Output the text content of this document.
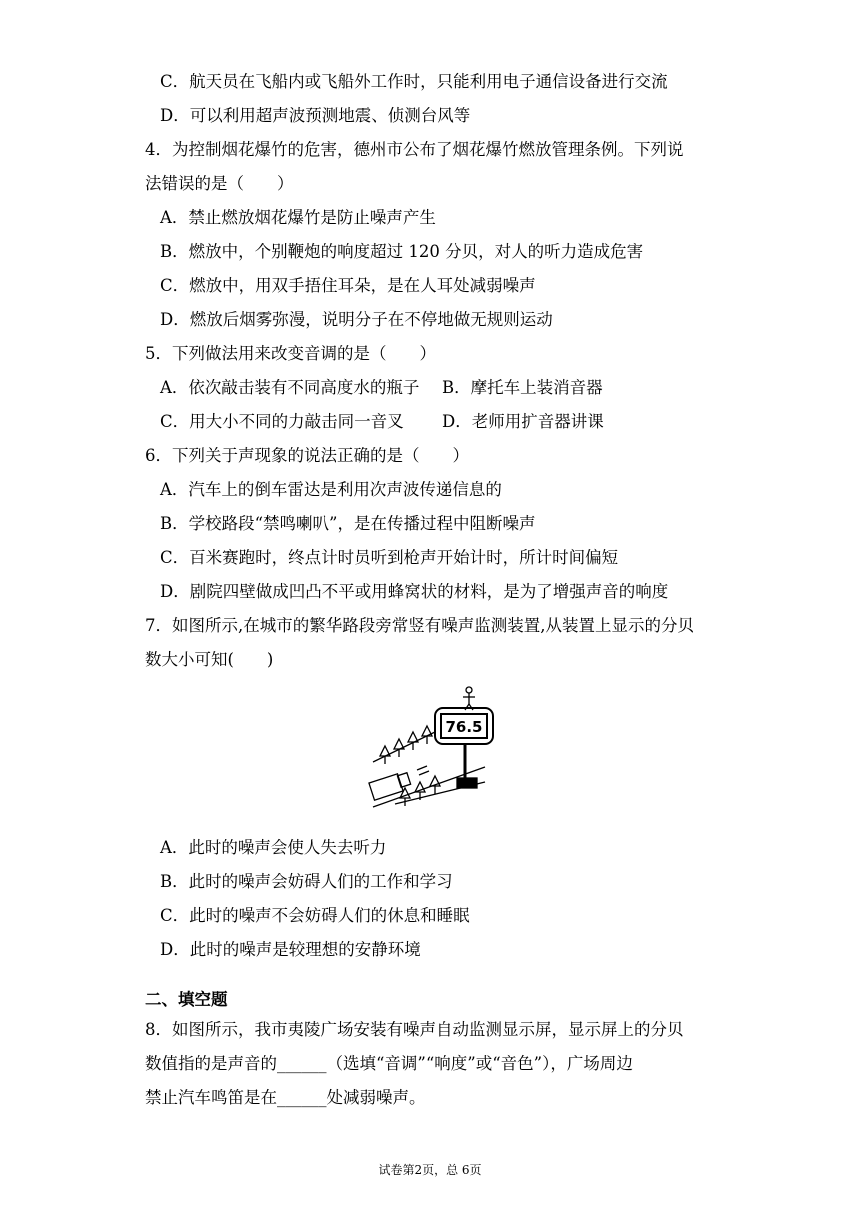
C．航天员在飞船内或飞船外工作时，只能利用电子通信设备进行交流
D．可以利用超声波预测地震、侦测台风等
4．为控制烟花爆竹的危害，德州市公布了烟花爆竹燃放管理条例。下列说
法错误的是（　　）
A．禁止燃放烟花爆竹是防止噪声产生
B．燃放中，个别鞭炮的响度超过 120 分贝，对人的听力造成危害
C．燃放中，用双手捂住耳朵，是在人耳处减弱噪声
D．燃放后烟雾弥漫，说明分子在不停地做无规则运动
5．下列做法用来改变音调的是（　　）
A．依次敲击装有不同高度水的瓶子	B．摩托车上装消音器
C．用大小不同的力敲击同一音叉	D．老师用扩音器讲课
6．下列关于声现象的说法正确的是（　　）
A．汽车上的倒车雷达是利用次声波传递信息的
B．学校路段“禁鸣喇叭”，是在传播过程中阻断噪声
C．百米赛跑时，终点计时员听到枪声开始计时，所计时间偏短
D．剧院四壁做成凹凸不平或用蜂窝状的材料，是为了增强声音的响度
7．如图所示,在城市的繁华路段旁常竖有噪声监测装置,从装置上显示的分贝
数大小可知(　　)
76.5
A．此时的噪声会使人失去听力
B．此时的噪声会妨碍人们的工作和学习
C．此时的噪声不会妨碍人们的休息和睡眠
D．此时的噪声是较理想的安静环境
二、填空题
8．如图所示，我市夷陵广场安装有噪声自动监测显示屏，显示屏上的分贝
数值指的是声音的______（选填“音调”“响度”或“音色”），广场周边
禁止汽车鸣笛是在______处减弱噪声。
试卷第2页，总 6页
